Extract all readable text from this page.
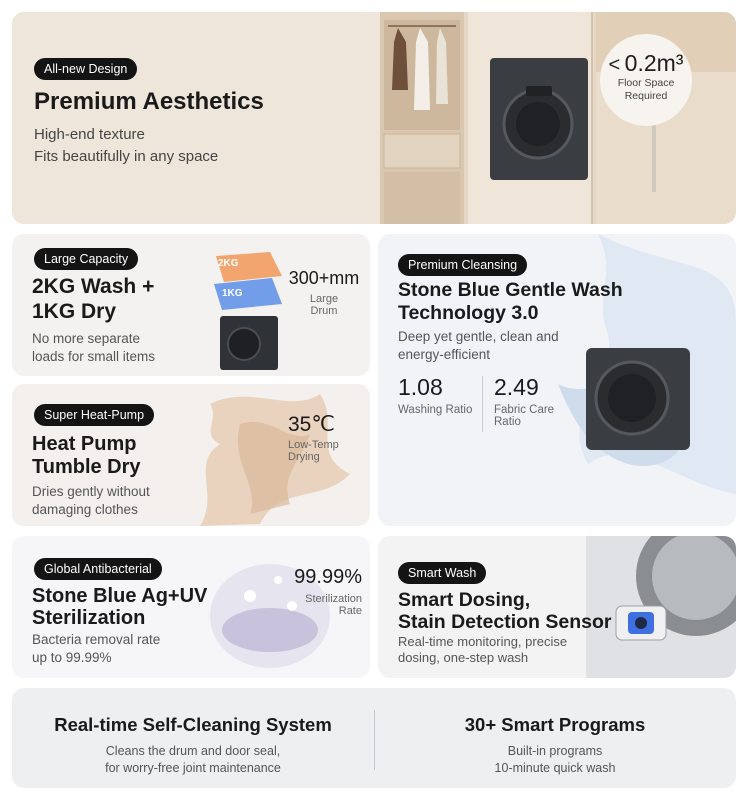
All-new Design
Premium Aesthetics
High-end texture
Fits beautifully in any space
< 0.2m³
Floor Space
Required
Large Capacity
2KG Wash +
1KG Dry
No more separate
loads for small items
2KG
1KG
300+mm
Large
Drum
Super Heat-Pump
Heat Pump
Tumble Dry
Dries gently without
damaging clothes
35℃
Low-Temp
Drying
Global Antibacterial
Stone Blue Ag+UV
Sterilization
Bacteria removal rate
up to 99.99%
99.99%
Sterilization
Rate
Premium Cleansing
Stone Blue Gentle Wash
Technology 3.0
Deep yet gentle, clean and
energy-efficient
1.08
Washing Ratio
2.49
Fabric Care
Ratio
Smart Wash
Smart Dosing,
Stain Detection Sensor
Real-time monitoring, precise
dosing, one-step wash
Real-time Self-Cleaning System
Cleans the drum and door seal,
for worry-free joint maintenance
30+ Smart Programs
Built-in programs
10-minute quick wash
